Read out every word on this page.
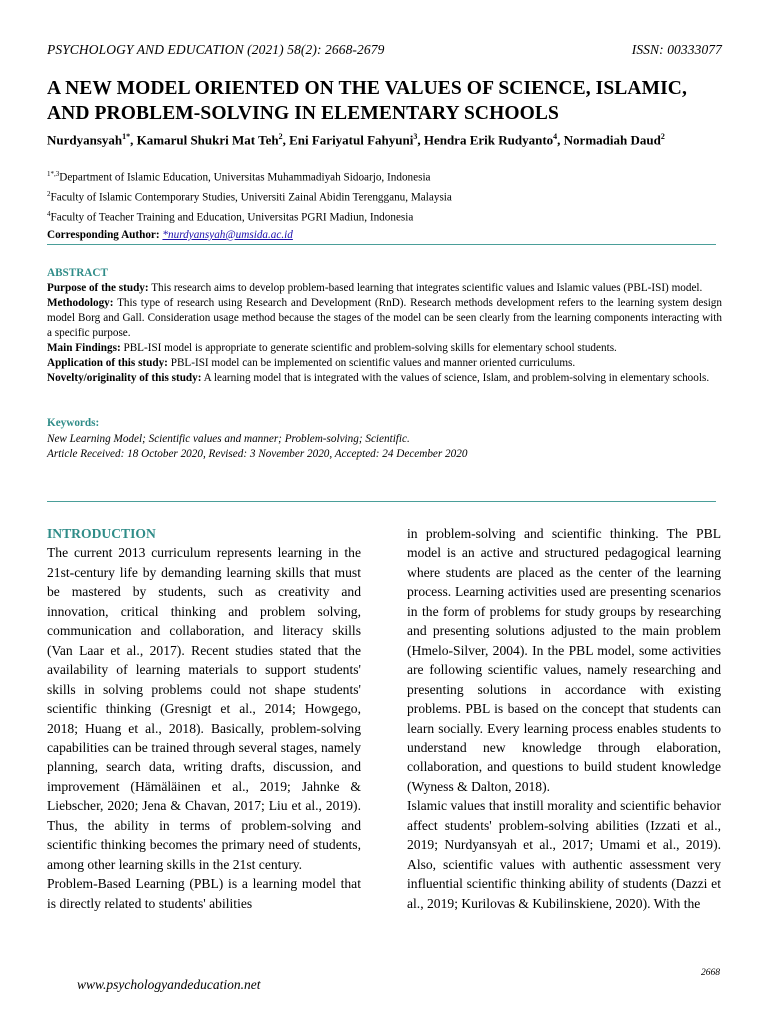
PSYCHOLOGY AND EDUCATION (2021) 58(2): 2668-2679	ISSN: 00333077
A NEW MODEL ORIENTED ON THE VALUES OF SCIENCE, ISLAMIC, AND PROBLEM-SOLVING IN ELEMENTARY SCHOOLS
Nurdyansyah$^{1*}$, Kamarul Shukri Mat Teh$^2$, Eni Fariyatul Fahyuni$^3$, Hendra Erik Rudyanto$^4$, Normadiah Daud$^2$
$^{1*,3}$Department of Islamic Education, Universitas Muhammadiyah Sidoarjo, Indonesia
$^2$Faculty of Islamic Contemporary Studies, Universiti Zainal Abidin Terengganu, Malaysia
$^4$Faculty of Teacher Training and Education, Universitas PGRI Madiun, Indonesia
Corresponding Author: *nurdyansyah@umsida.ac.id
ABSTRACT

Purpose of the study: This research aims to develop problem-based learning that integrates scientific values and Islamic values (PBL-ISI) model.

Methodology: This type of research using Research and Development (RnD). Research methods development refers to the learning system design model Borg and Gall. Consideration usage method because the stages of the model can be seen clearly from the learning components interacting with a specific purpose.

Main Findings: PBL-ISI model is appropriate to generate scientific and problem-solving skills for elementary school students.

Application of this study: PBL-ISI model can be implemented on scientific values and manner oriented curriculums.

Novelty/originality of this study: A learning model that is integrated with the values of science, Islam, and problem-solving in elementary schools.

Keywords:

New Learning Model; Scientific values and manner; Problem-solving; Scientific.

Article Received: 18 October 2020, Revised: 3 November 2020, Accepted: 24 December 2020

INTRODUCTION

The current 2013 curriculum represents learning in the 21st-century life by demanding learning skills that must be mastered by students, such as creativity and innovation, critical thinking and problem solving, communication and collaboration, and literacy skills (Van Laar et al., 2017). Recent studies stated that the availability of learning materials to support students' skills in solving problems could not shape students' scientific thinking (Gresnigt et al., 2014; Howgego, 2018; Huang et al., 2018). Basically, problem-solving capabilities can be trained through several stages, namely planning, search data, writing drafts, discussion, and improvement (Hämäläinen et al., 2019; Jahnke & Liebscher, 2020; Jena & Chavan, 2017; Liu et al., 2019). Thus, the ability in terms of problem-solving and scientific thinking becomes the primary need of students, among other learning skills in the 21st century.

Problem-Based Learning (PBL) is a learning model that is directly related to students' abilities

in problem-solving and scientific thinking. The PBL model is an active and structured pedagogical learning where students are placed as the center of the learning process. Learning activities used are presenting scenarios in the form of problems for study groups by researching and presenting solutions adjusted to the main problem (Hmelo-Silver, 2004). In the PBL model, some activities are following scientific values, namely researching and presenting solutions in accordance with existing problems. PBL is based on the concept that students can learn socially. Every learning process enables students to understand new knowledge through elaboration, collaboration, and questions to build student knowledge (Wyness & Dalton, 2018).

Islamic values that instill morality and scientific behavior affect students' problem-solving abilities (Izzati et al., 2019; Nurdyansyah et al., 2017; Umami et al., 2019). Also, scientific values with authentic assessment very influential scientific thinking ability of students (Dazzi et al., 2019; Kurilovas & Kubilinskiene, 2020). With the

2668
www.psychologyandeducation.net
